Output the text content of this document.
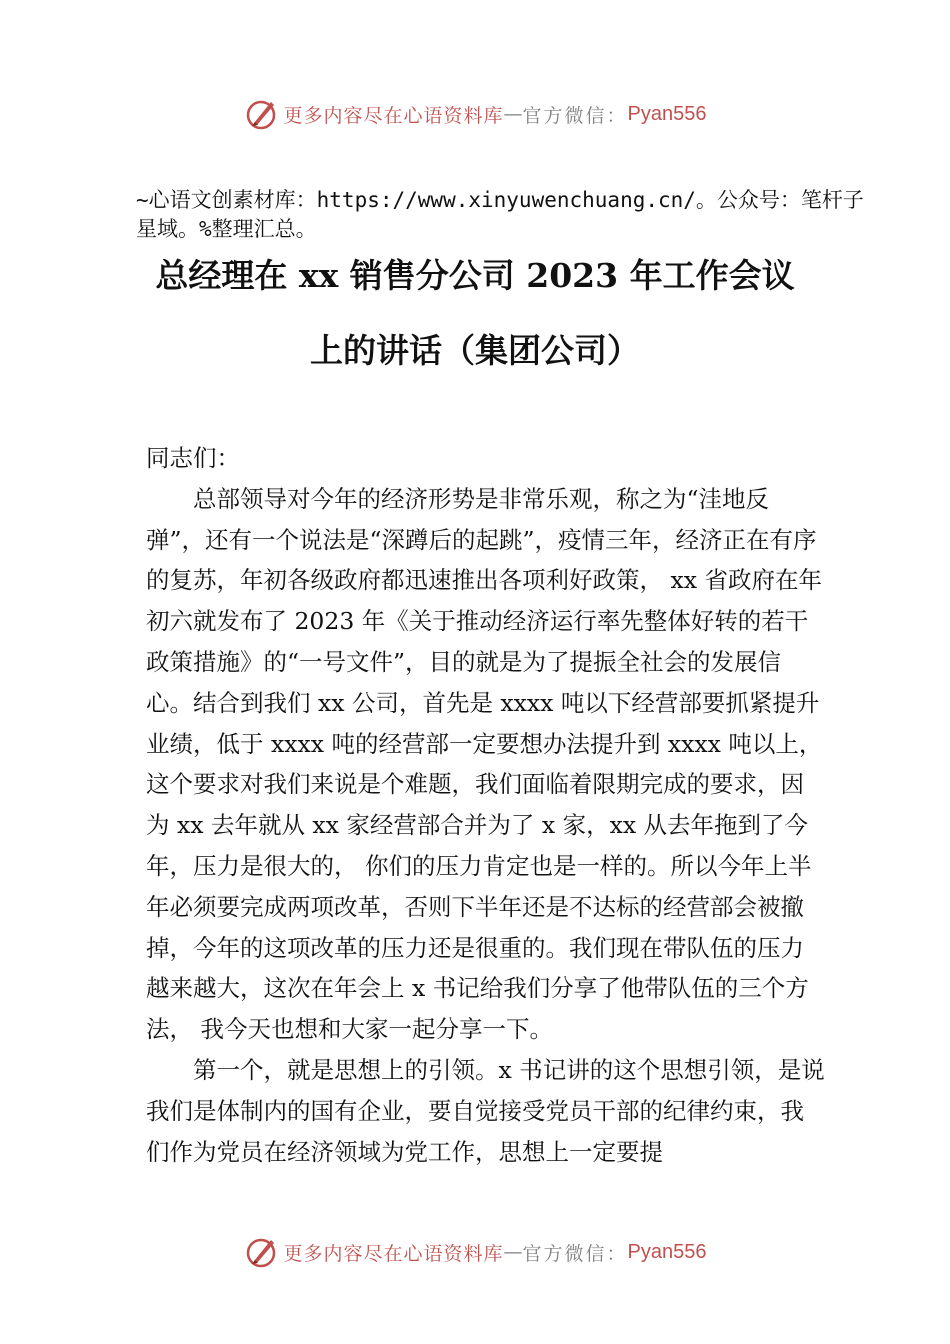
更多内容尽在心语资料库 — 官方微信： Pyan556
~心语文创素材库：https://www.xinyuwenchuang.cn/。公众号：笔杆子星域。%整理汇总。
总经理在 xx 销售分公司 2023 年工作会议
上的讲话（集团公司）

同志们：

总部领导对今年的经济形势是非常乐观，称之为“洼地反弹”，还有一个说法是“深蹲后的起跳”，疫情三年，经济正在有序的复苏，年初各级政府都迅速推出各项利好政策， xx 省政府在年初六就发布了 2023 年《关于推动经济运行率先整体好转的若干政策措施》的“一号文件”，目的就是为了提振全社会的发展信心。结合到我们 xx 公司，首先是 xxxx 吨以下经营部要抓紧提升业绩，低于 xxxx 吨的经营部一定要想办法提升到 xxxx 吨以上，这个要求对我们来说是个难题，我们面临着限期完成的要求，因为 xx 去年就从 xx 家经营部合并为了 x 家，xx 从去年拖到了今年，压力是很大的， 你们的压力肯定也是一样的。所以今年上半年必须要完成两项改革，否则下半年还是不达标的经营部会被撤掉，今年的这项改革的压力还是很重的。我们现在带队伍的压力越来越大，这次在年会上 x 书记给我们分享了他带队伍的三个方法， 我今天也想和大家一起分享一下。

第一个，就是思想上的引领。x 书记讲的这个思想引领，是说我们是体制内的国有企业，要自觉接受党员干部的纪律约束，我们作为党员在经济领域为党工作，思想上一定要提

更多内容尽在心语资料库 — 官方微信： Pyan556
